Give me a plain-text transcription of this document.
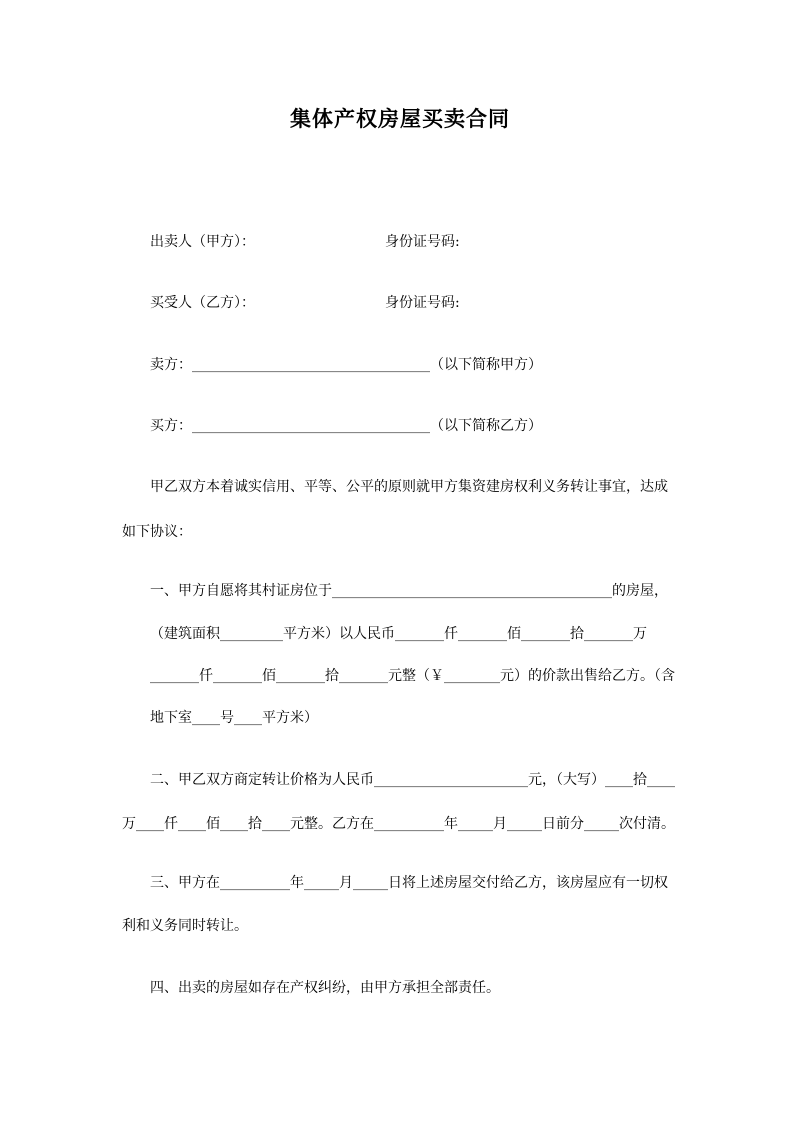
集体产权房屋买卖合同
出卖人（甲方）：	身份证号码:
买受人（乙方）：	身份证号码:
卖方：__________________________________（以下简称甲方）
买方：__________________________________（以下简称乙方）
甲乙双方本着诚实信用、平等、公平的原则就甲方集资建房权利义务转让事宜，达成
如下协议：
一、甲方自愿将其村证房位于________________________________________的房屋，
（建筑面积_________平方米）以人民币_______仟_______佰_______拾_______万
_______仟_______佰_______拾_______元整（￥________元）的价款出售给乙方。（含
地下室____号____平方米）
二、甲乙双方商定转让价格为人民币______________________元，（大写）____拾____
万____仟____佰____拾____元整。乙方在__________年_____月_____日前分_____次付清。
三、甲方在__________年_____月_____日将上述房屋交付给乙方，该房屋应有一切权
利和义务同时转让。
四、出卖的房屋如存在产权纠纷，由甲方承担全部责任。
